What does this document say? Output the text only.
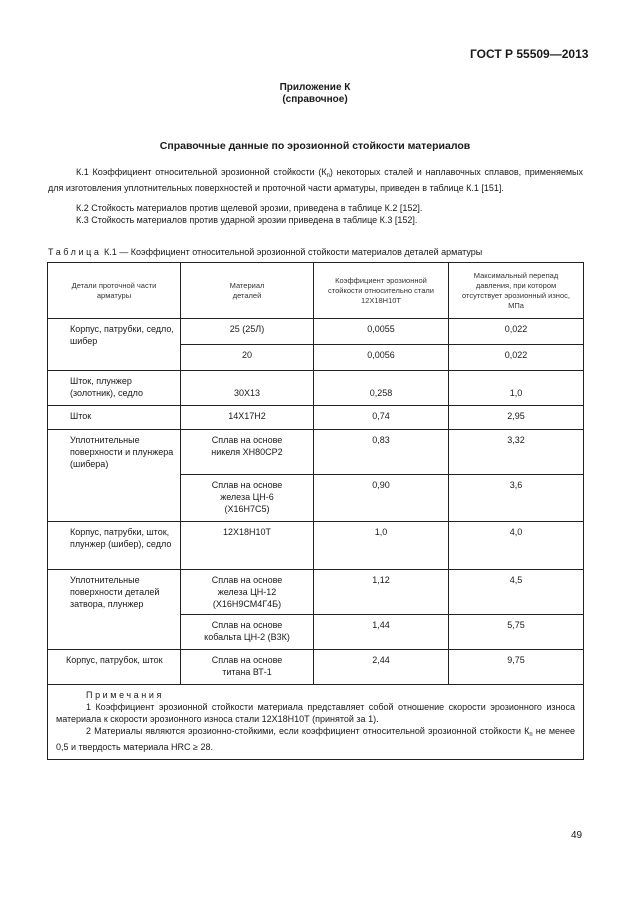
ГОСТ Р 55509—2013
Приложение К
(справочное)
Справочные данные по эрозионной стойкости материалов
К.1 Коэффициент относительной эрозионной стойкости $(К_п)$ некоторых сталей и наплавочных сплавов, применяемых для изготовления уплотнительных поверхностей и проточной части арматуры, приведен в таблице К.1 [151].
К.2 Стойкость материалов против щелевой эрозии, приведена в таблице К.2 [152].
К.3 Стойкость материалов против ударной эрозии приведена в таблице К.3 [152].
Таблица К.1 — Коэффициент относительной эрозионной стойкости материалов деталей арматуры
Детали проточной части арматуры	Материал деталей	Коэффициент эрозионной стойкости относительно стали 12Х18Н10Т	Максимальный перепад давления, при котором отсутствует эрозионный износ, МПа
Корпус, патрубки, седло, шибер	25 (25Л)	0,0055	0,022
	20	0,0056	0,022
Шток, плунжер (золотник), седло	30Х13	0,258	1,0
Шток	14Х17Н2	0,74	2,95
Уплотнительные поверхности и плунжера (шибера)	Сплав на основе никеля ХН80СР2	0,83	3,32
	Сплав на основе железа ЦН-6 (Х16Н7С5)	0,90	3,6
Корпус, патрубки, шток, плунжер (шибер), седло	12Х18Н10Т	1,0	4,0
Уплотнительные поверхности деталей затвора, плунжер	Сплав на основе железа ЦН-12 (Х16Н9СМ4Г4Б)	1,12	4,5
	Сплав на основе кобальта ЦН-2 (В3К)	1,44	5,75
Корпус, патрубок, шток	Сплав на основе титана ВТ-1	2,44	9,75

Примечания
1 Коэффициент эрозионной стойкости материала представляет собой отношение скорости эрозионного износа материала к скорости эрозионного износа стали 12Х18Н10Т (принятой за 1).
2 Материалы являются эрозионно-стойкими, если коэффициент относительной эрозионной стойкости $К_п$ не менее 0,5 и твердость материала HRC ≥ 28.			
49
